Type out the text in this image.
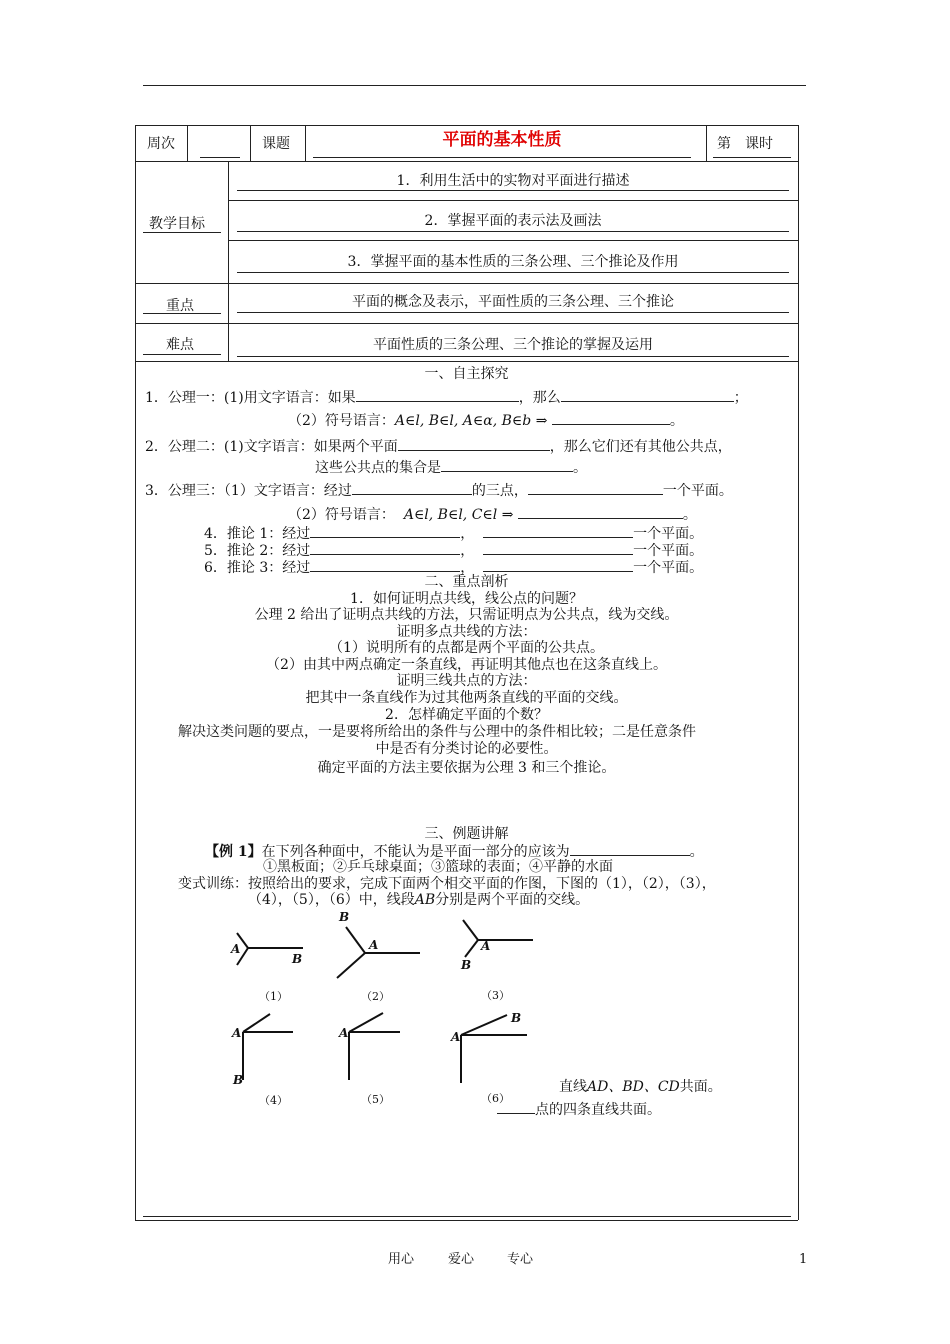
周次	课题	平面的基本性质	第　课时
教学目标
1．利用生活中的实物对平面进行描述
2．掌握平面的表示法及画法
3．掌握平面的基本性质的三条公理、三个推论及作用
重点	平面的概念及表示，平面性质的三条公理、三个推论
难点	平面性质的三条公理、三个推论的掌握及运用
一、自主探究
1．公理一：(1)用文字语言：如果	，那么	；
（2）符号语言：A∈l, B∈l, A∈α, B∈b ⇒	。
2．公理二：(1)文字语言：如果两个平面	，那么它们还有其他公共点，
这些公共点的集合是	。
3．公理三：（1）文字语言：经过	的三点，	一个平面。
（2）符号语言： A∈l, B∈l, C∈l ⇒	。
4．推论 1：经过	，	一个平面。
5．推论 2：经过	，	一个平面。
6．推论 3：经过	，	一个平面。
二、重点剖析
1．如何证明点共线，线公点的问题？
公理 2 给出了证明点共线的方法，只需证明点为公共点，线为交线。
证明多点共线的方法：
（1）说明所有的点都是两个平面的公共点。
（2）由其中两点确定一条直线，再证明其他点也在这条直线上。
证明三线共点的方法：
把其中一条直线作为过其他两条直线的平面的交线。
2．怎样确定平面的个数？
解决这类问题的要点，一是要将所给出的条件与公理中的条件相比较；二是任意条件
中是否有分类讨论的必要性。
确定平面的方法主要依据为公理 3 和三个推论。
三、例题讲解
【例 1】在下列各种面中，不能认为是平面一部分的应该为	。
①黑板面；②乒乓球桌面；③篮球的表面；④平静的水面
变式训练：按照给出的要求，完成下面两个相交平面的作图，下图的（1），（2），（3），
（4），（5），（6）中，线段AB分别是两个平面的交线。
A
B
B
A	A
B
A
B
A	A
B
（1）	（2）	（3）
（4）	（5）	（6）
直线AD、BD、CD共面。
点的四条直线共面。
用心	爱心	专心	1
